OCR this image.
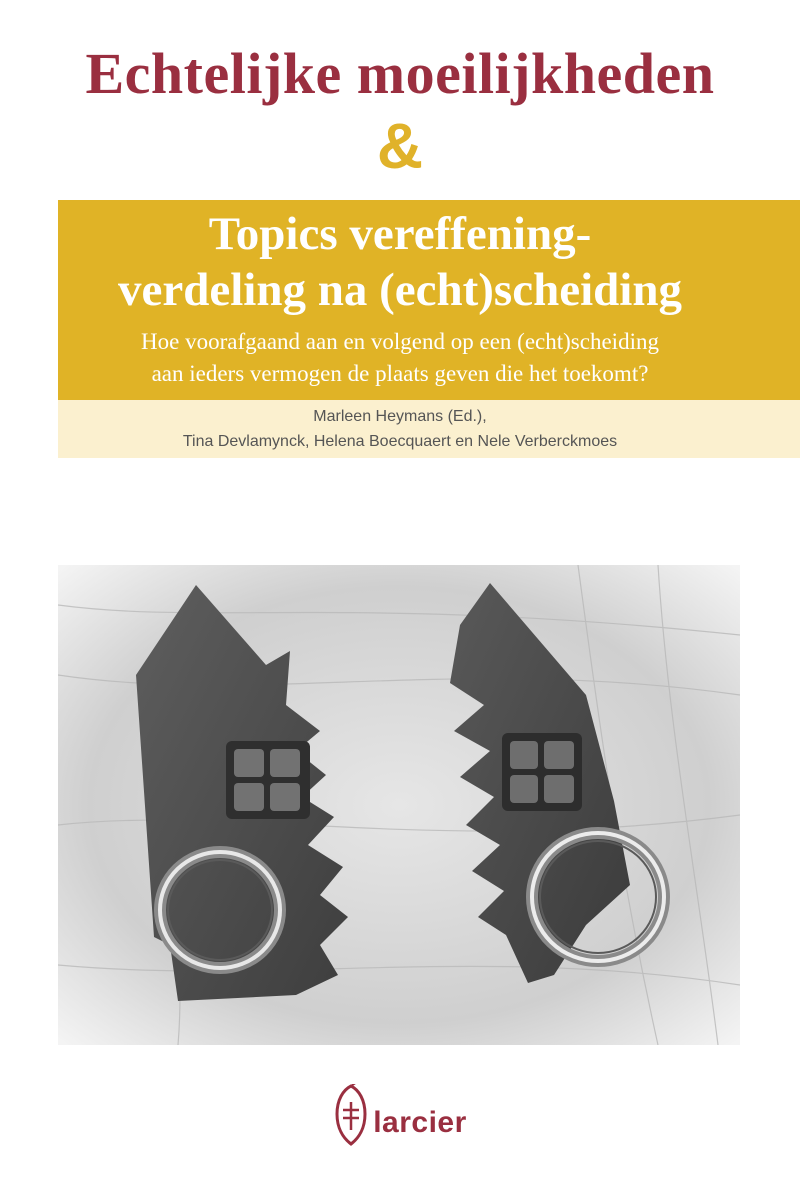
Echtelijke moeilijkheden
&
Topics vereffening-
verdeling na (echt)scheiding
Hoe voorafgaand aan en volgend op een (echt)scheiding
aan ieders vermogen de plaats geven die het toekomt?
Marleen Heymans (Ed.),
Tina Devlamynck, Helena Boecquaert en Nele Verberckmoes
larcier
